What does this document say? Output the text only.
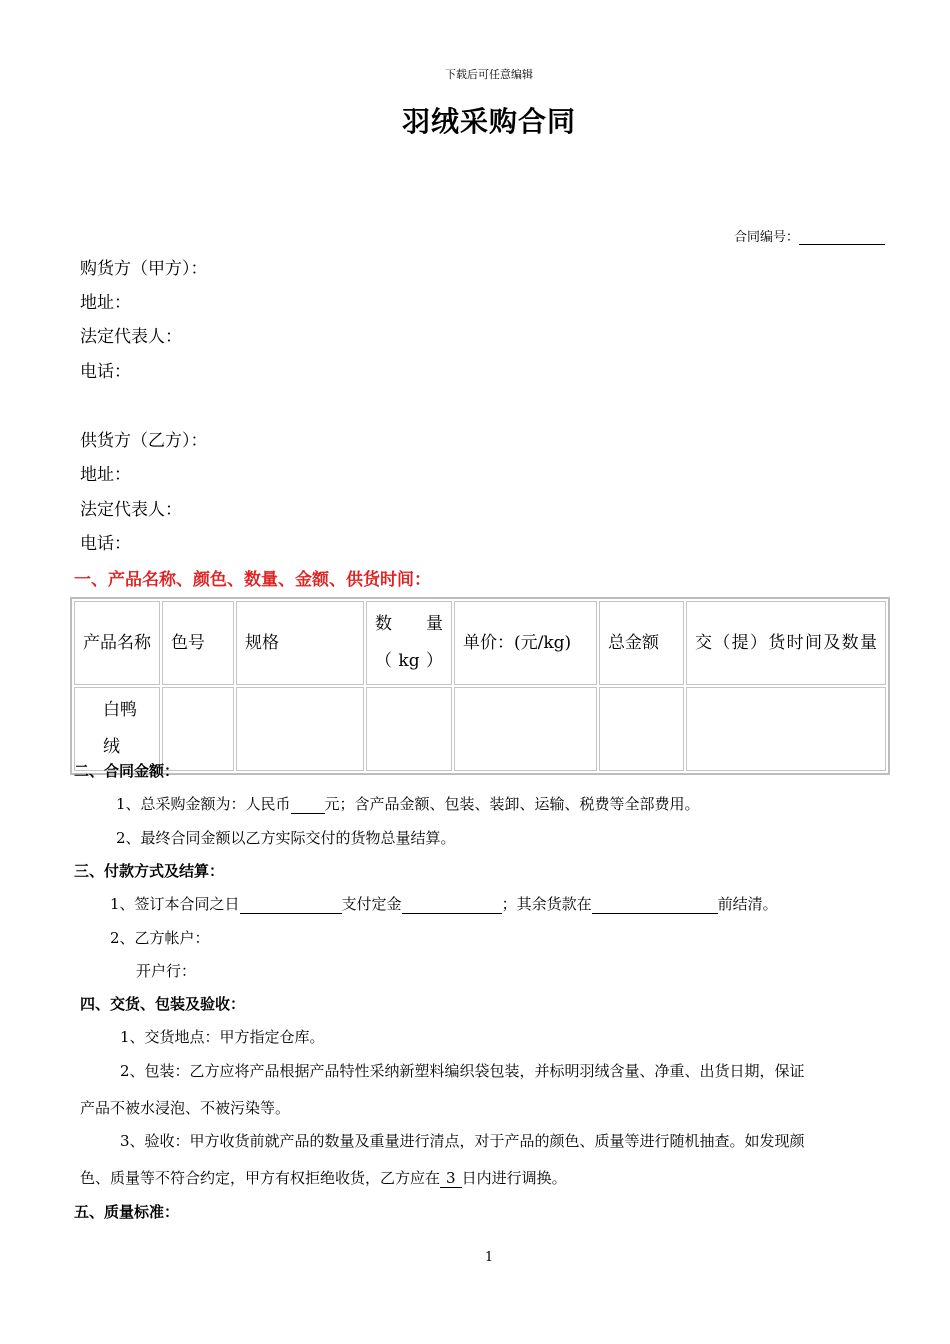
下载后可任意编辑
羽绒采购合同
合同编号：
购货方（甲方）：
地址：
法定代表人：
电话：
供货方（乙方）：
地址：
法定代表人：
电话：
一、产品名称、颜色、数量、金额、供货时间：
产品名称	色号	规格	数　　量（kg）	单价：(元/kg)	总金额	交（提）货时间及数量
白鸭绒						
二、合同金额：
1、总采购金额为：人民币 元；含产品金额、包装、装卸、运输、税费等全部费用。
2、最终合同金额以乙方实际交付的货物总量结算。
三、付款方式及结算：
1、签订本合同之日	支付定金	；其余货款在	前结清。
2、乙方帐户：
开户行：
四、交货、包装及验收：
1、交货地点：甲方指定仓库。
2、包装：乙方应将产品根据产品特性采纳新塑料编织袋包装，并标明羽绒含量、净重、出货日期，保证
产品不被水浸泡、不被污染等。
3、验收：甲方收货前就产品的数量及重量进行清点，对于产品的颜色、质量等进行随机抽查。如发现颜
色、质量等不符合约定，甲方有权拒绝收货，乙方应在 3 日内进行调换。
五、质量标准：
1
